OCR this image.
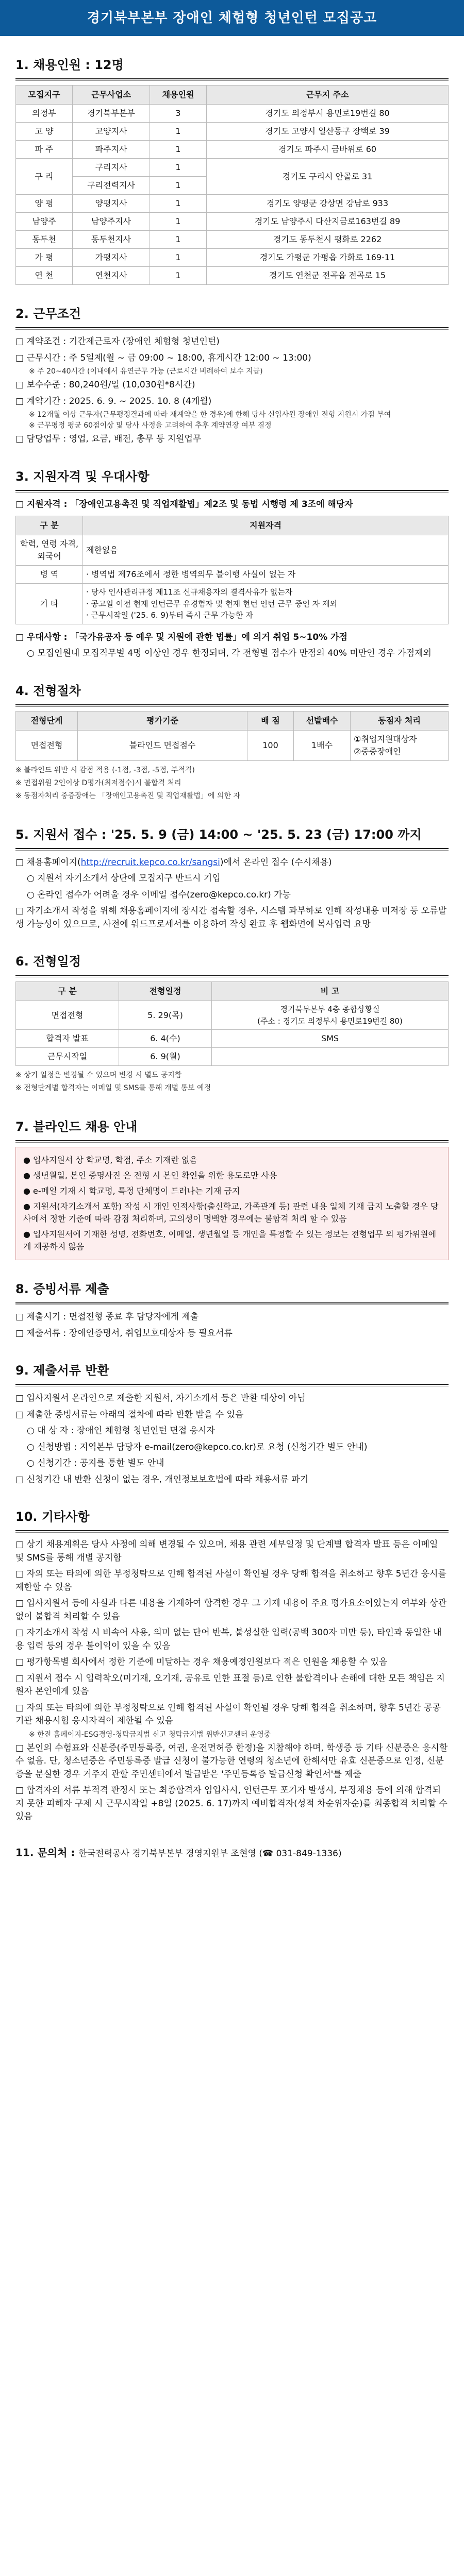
경기북부본부 장애인 체험형 청년인턴 모집공고
1. 채용인원 : 12명
모집지구	근무사업소	채용인원	근무지 주소
의정부	경기북부본부	3	경기도 의정부시 용민로19번길 80
고 양	고양지사	1	경기도 고양시 일산동구 장백로 39
파 주	파주지사	1	경기도 파주시 금바위로 60
구 리	구리지사	1	경기도 구리시 안골로 31
	구리전력지사	1	
양 평	양평지사	1	경기도 양평군 강상면 강남로 933
남양주	남양주지사	1	경기도 남양주시 다산지금로163번길 89
동두천	동두천지사	1	경기도 동두천시 평화로 2262
가 평	가평지사	1	경기도 가평군 가평읍 가화로 169-11
연 천	연천지사	1	경기도 연천군 전곡읍 전곡로 15
2. 근무조건
□ 계약조건 : 기간제근로자 (장애인 체험형 청년인턴)
□ 근무시간 : 주 5일제(월 ~ 금 09:00 ~ 18:00, 휴게시간 12:00 ~ 13:00)
※ 주 20~40시간 (이내에서 유연근무 가능 (근로시간 비례하여 보수 지급)
□ 보수수준 : 80,240원/일 (10,030원*8시간)
□ 계약기간 : 2025. 6. 9. ~ 2025. 10. 8 (4개월)
※ 12개월 이상 근무자(근무평정결과에 따라 재계약을 한 경우)에 한해 당사 신입사원 장애인 전형 지원시 가점 부여
※ 근무평정 평균 60점이상 및 당사 사정을 고려하여 추후 계약연장 여부 결정
□ 담당업무 : 영업, 요금, 배전, 총무 등 지원업무
3. 지원자격 및 우대사항
□ 지원자격 : 「장애인고용촉진 및 직업재활법」제2조 및 동법 시행령 제 3조에 해당자
구 분	지원자격
학력, 연령 자격, 외국어	제한없음
병 역	· 병역법 제76조에서 정한 병역의무 불이행 사실이 없는 자
기 타	· 당사 인사관리규정 제11조 신규채용자의 결격사유가 없는자
· 공고일 이전 현재 인턴근무 유경험자 및 현재 현턴 인턴 근무 중인 자 제외
· 근무시작일 ('25. 6. 9)부터 즉시 근무 가능한 자
□ 우대사항 : 「국가유공자 등 예우 및 지원에 관한 법률」에 의거 취업 5~10% 가점
○ 모집인원내 모집직무별 4명 이상인 경우 한정되며, 각 전형별 점수가 만점의 40% 미만인 경우 가점제외
4. 전형절차
전형단계	평가기준	배 점	선발배수	동점자 처리
면접전형	블라인드 면접점수	100	1배수	①취업지원대상자
②중증장애인
※ 블라인드 위반 시 감점 적용 (-1점, -3점, -5점, 부적격)
※ 면접위원 2인이상 D평가(최저점수)시 불합격 처리
※ 동점자처리 중증장애는 「장애인고용촉진 및 직업재활법」에 의한 자
5. 지원서 접수 : '25. 5. 9 (금) 14:00 ~ '25. 5. 23 (금) 17:00 까지
□ 채용홈페이지(http://recruit.kepco.co.kr/sangsi)에서 온라인 접수 (수시채용)
○ 지원서 자기소개서 상단에 모집지구 반드시 기입
○ 온라인 접수가 어려울 경우 이메일 접수(zero@kepco.co.kr) 가능
□ 자기소개서 작성을 위해 채용홈페이지에 장시간 접속할 경우, 시스템 과부하로 인해 작성내용 미저장 등 오류발생 가능성이 있으므로, 사전에 워드프로세서를 이용하여 작성 완료 후 웹화면에 복사입력 요망
6. 전형일정
구 분	전형일정	비 고
면접전형	5. 29(목)	경기북부본부 4층 종합상황실
(주소 : 경기도 의정부시 용민로19번길 80)
합격자 발표	6. 4(수)	SMS
근무시작일	6. 9(월)	
※ 상기 일정은 변경될 수 있으며 변경 시 별도 공지함
※ 전형단계별 합격자는 이메일 및 SMS를 통해 개별 통보 예정
7. 블라인드 채용 안내
● 입사지원서 상 학교명, 학점, 주소 기재란 없음
● 생년월일, 본인 증명사진 은 전형 시 본인 확인을 위한 용도로만 사용
● e-메일 기재 시 학교명, 특정 단체명이 드러나는 기재 금지
● 지원서(자기소개서 포함) 작성 시 개인 인적사항(출신학교, 가족관계 등) 관련 내용 일체 기재 금지 노출할 경우 당사에서 정한 기준에 따라 감점 처리하며, 고의성이 명백한 경우에는 불합격 처리 할 수 있음
● 입사지원서에 기재한 성명, 전화번호, 이메일, 생년월일 등 개인을 특정할 수 있는 정보는 전형업무 외 평가위원에게 제공하지 않음
8. 증빙서류 제출
□ 제출시기 : 면접전형 종료 후 담당자에게 제출
□ 제출서류 : 장애인증명서, 취업보호대상자 등 필요서류
9. 제출서류 반환
□ 입사지원서 온라인으로 제출한 지원서, 자기소개서 등은 반환 대상이 아님
□ 제출한 증빙서류는 아래의 절차에 따라 반환 받을 수 있음
○ 대 상 자 : 장애인 체험형 청년인턴 면접 응시자
○ 신청방법 : 지역본부 담당자 e-mail(zero@kepco.co.kr)로 요청 (신청기간 별도 안내)
○ 신청기간 : 공지를 통한 별도 안내
□ 신청기간 내 반환 신청이 없는 경우, 개인정보보호법에 따라 채용서류 파기
10. 기타사항
□ 상기 채용계획은 당사 사정에 의해 변경될 수 있으며, 채용 관련 세부일정 및 단계별 합격자 발표 등은 이메일 및 SMS를 통해 개별 공지함
□ 자의 또는 타의에 의한 부정청탁으로 인해 합격된 사실이 확인될 경우 당해 합격을 취소하고 향후 5년간 응시를 제한할 수 있음
□ 입사지원서 등에 사실과 다른 내용을 기재하여 합격한 경우 그 기재 내용이 주요 평가요소이었는지 여부와 상관없이 불합격 처리할 수 있음
□ 자기소개서 작성 시 비속어 사용, 의미 없는 단어 반복, 불성실한 입력(공백 300자 미만 등), 타인과 동일한 내용 입력 등의 경우 불이익이 있을 수 있음
□ 평가항목별 회사에서 정한 기준에 미달하는 경우 채용예정인원보다 적은 인원을 채용할 수 있음
□ 지원서 접수 시 입력착오(미기재, 오기재, 공유로 인한 표절 등)로 인한 불합격이나 손해에 대한 모든 책임은 지원자 본인에게 있음
□ 자의 또는 타의에 의한 부정청탁으로 인해 합격된 사실이 확인될 경우 당해 합격을 취소하며, 향후 5년간 공공기관 채용시험 응시자격이 제한될 수 있음
※ 한전 홈페이지-ESG경영-청탁금지법 신고 청탁금지법 위반신고센터 운영중
□ 본인의 수험표와 신분증(주민등록증, 여권, 운전면허증 한정)을 지참해야 하며, 학생증 등 기타 신분증은 응시할 수 없음. 단, 청소년증은 주민등록증 발급 신청이 불가능한 연령의 청소년에 한해서만 유효 신분증으로 인정, 신분증을 분실한 경우 거주지 관할 주민센터에서 발급받은 '주민등록증 발급신청 확인서'를 제출
□ 합격자의 서류 부적격 판정시 또는 최종합격자 임입사시, 인턴근무 포기자 발생시, 부정채용 등에 의해 합격되지 못한 피해자 구제 시 근무시작일 +8일 (2025. 6. 17)까지 예비합격자(성적 차순위자순)를 최종합격 처리할 수 있음
11. 문의처 : 한국전력공사 경기북부본부 경영지원부 조현영 (☎ 031-849-1336)
